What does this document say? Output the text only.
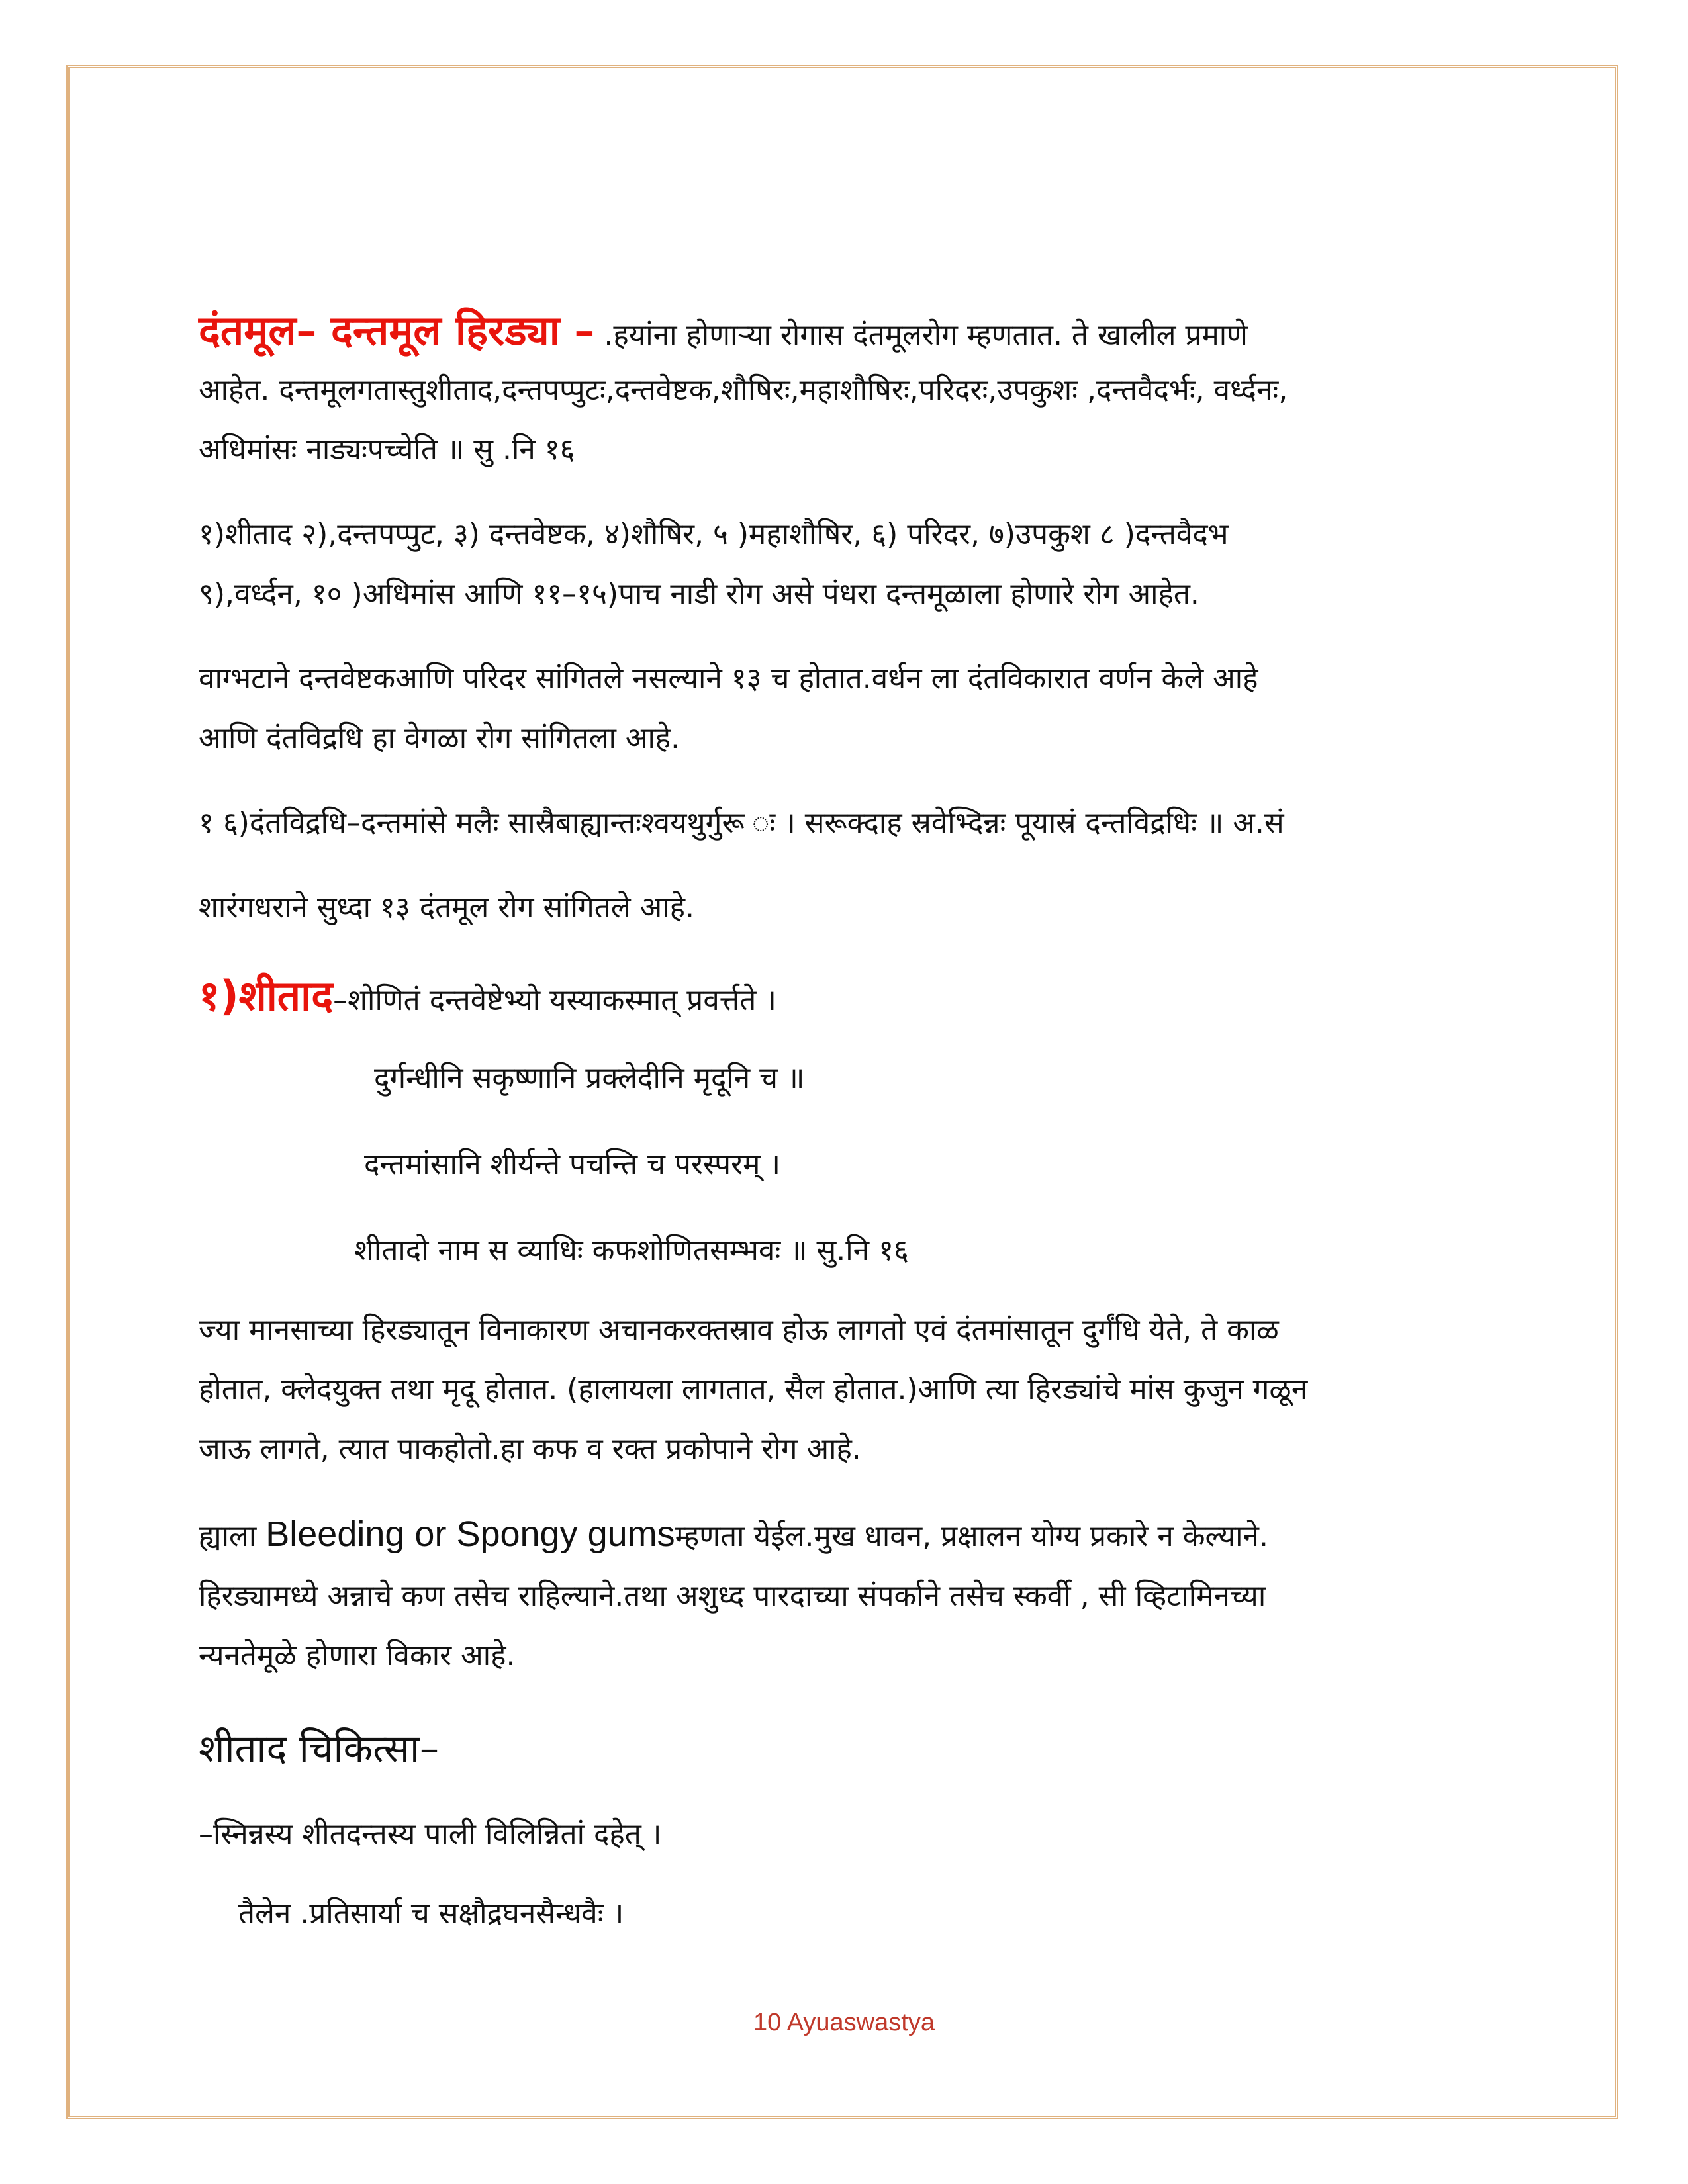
दंतमूल– दन्तमूल हिरड्या – .हयांना होणाऱ्या रोगास दंतमूलरोग म्हणतात. ते खालील प्रमाणे

आहेत. दन्तमूलगतास्तुशीताद,दन्तपप्पुटः,दन्तवेष्टक,शौषिरः,महाशौषिरः,परिदरः,उपकुशः ,दन्तवैदर्भः, वर्ध्दनः,

अधिमांसः नाड्यःपच्चेति ॥ सु .नि १६

१)शीताद २),दन्तपप्पुट, ३) दन्तवेष्टक, ४)शौषिर, ५ )महाशौषिर, ६) परिदर, ७)उपकुश ८ )दन्तवैदभ

९),वर्ध्दन, १० )अधिमांस आणि ११–१५)पाच नाडी रोग असे पंधरा दन्तमूळाला होणारे रोग आहेत.

वाग्भटाने दन्तवेष्टकआणि परिदर सांगितले नसल्याने १३ च होतात.वर्धन ला दंतविकारात वर्णन केले आहे

आणि दंतविद्रधि हा वेगळा रोग सांगितला आहे.

१ ६)दंतविद्रधि–दन्तमांसे मलैः सास्रैबाह्यान्तःश्वयथुर्गुरू ः । सरूक्दाह स्रवेभ्दिन्नः पूयास्रं दन्तविद्रधिः ॥ अ.सं

शारंगधराने सुध्दा १३ दंतमूल रोग सांगितले आहे.

१)शीताद–शोणितं दन्तवेष्टेभ्यो यस्याकस्मात् प्रवर्त्तते ।

दुर्गन्धीनि सकृष्णानि प्रक्लेदीनि मृदूनि च ॥

दन्तमांसानि शीर्यन्ते पचन्ति च परस्परम् ।

शीतादो नाम स व्याधिः कफशोणितसम्भवः ॥ सु.नि १६

ज्या मानसाच्या हिरड्यातून विनाकारण अचानकरक्तस्राव होऊ लागतो एवं दंतमांसातून दुर्गंधि येते, ते काळ

होतात, क्लेदयुक्त तथा मृदू होतात. (हालायला लागतात, सैल होतात.)आणि त्या हिरड्यांचे मांस कुजुन गळून

जाऊ लागते, त्यात पाकहोतो.हा कफ व रक्त प्रकोपाने रोग आहे.

ह्याला Bleeding or Spongy gumsम्हणता येईल.मुख धावन, प्रक्षालन योग्य प्रकारे न केल्याने.

हिरड्यामध्ये अन्नाचे कण तसेच राहिल्याने.तथा अशुध्द पारदाच्या संपर्काने तसेच स्कर्वी , सी व्हिटामिनच्या

न्यनतेमूळे होणारा विकार आहे.

शीताद चिकित्सा–

–स्निन्नस्य शीतदन्तस्य पाली विलिन्नितां दहेत् ।

तैलेन .प्रतिसार्या च सक्षौद्रघनसैन्धवैः ।

10 Ayuaswastya
